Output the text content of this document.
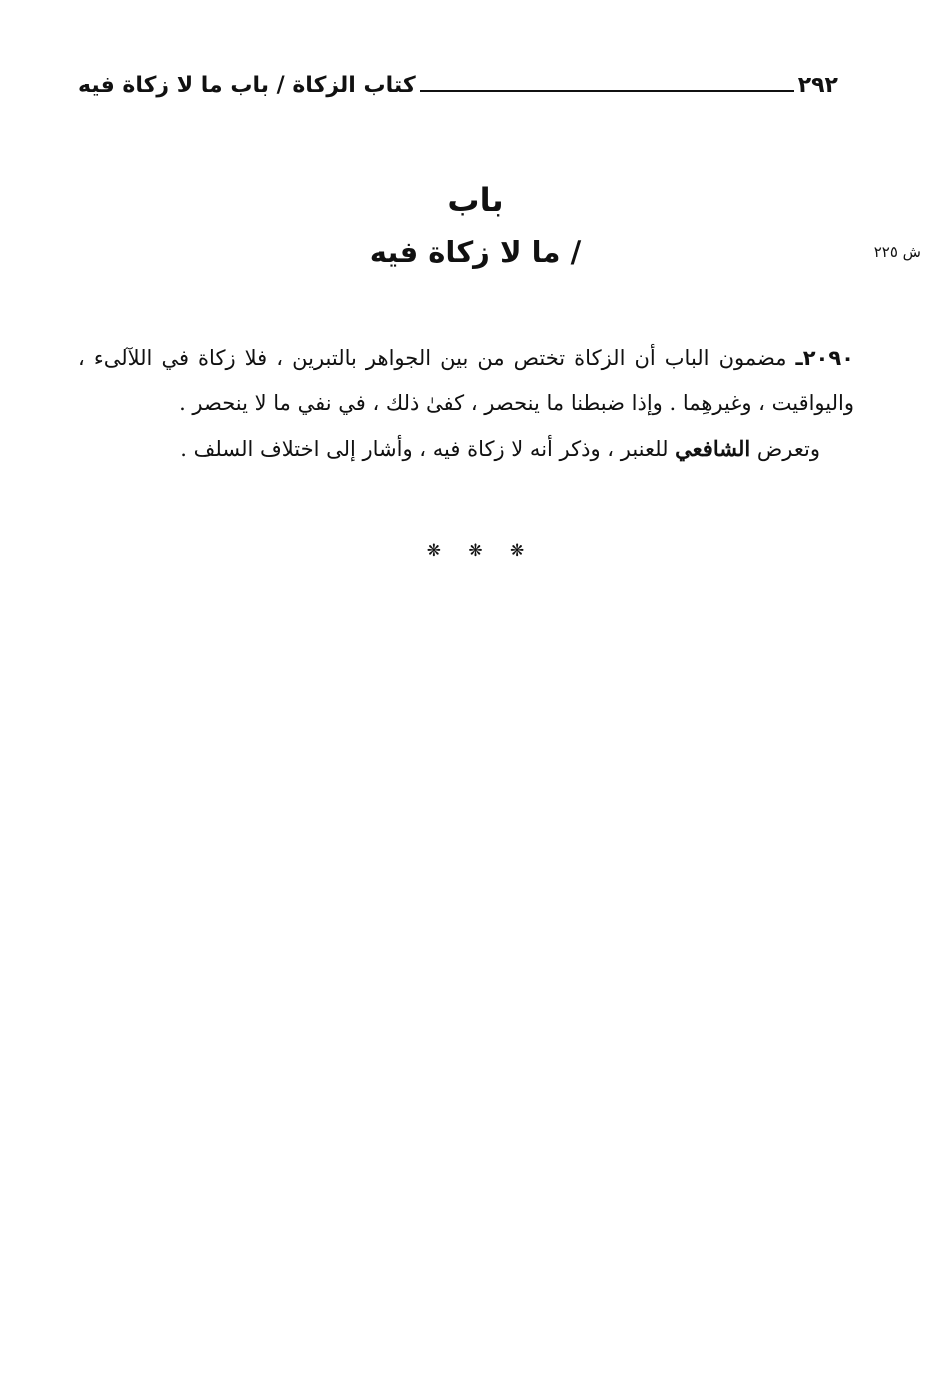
٢٩٢
كتاب الزكاة / باب ما لا زكاة فيه
باب
/ ما لا زكاة فيه	ش ٢٢٥

٢٠٩٠ـ مضمون الباب أن الزكاة تختص من بين الجواهر بالتبرين ، فلا زكاة في اللآلىء ، واليواقيت ، وغيرهِما . وإذا ضبطنا ما ينحصر ، كفىٰ ذلك ، في نفي ما لا ينحصر .

وتعرض الشافعي للعنبر ، وذكر أنه لا زكاة فيه ، وأشار إلى اختلاف السلف .

❋ ❋ ❋
